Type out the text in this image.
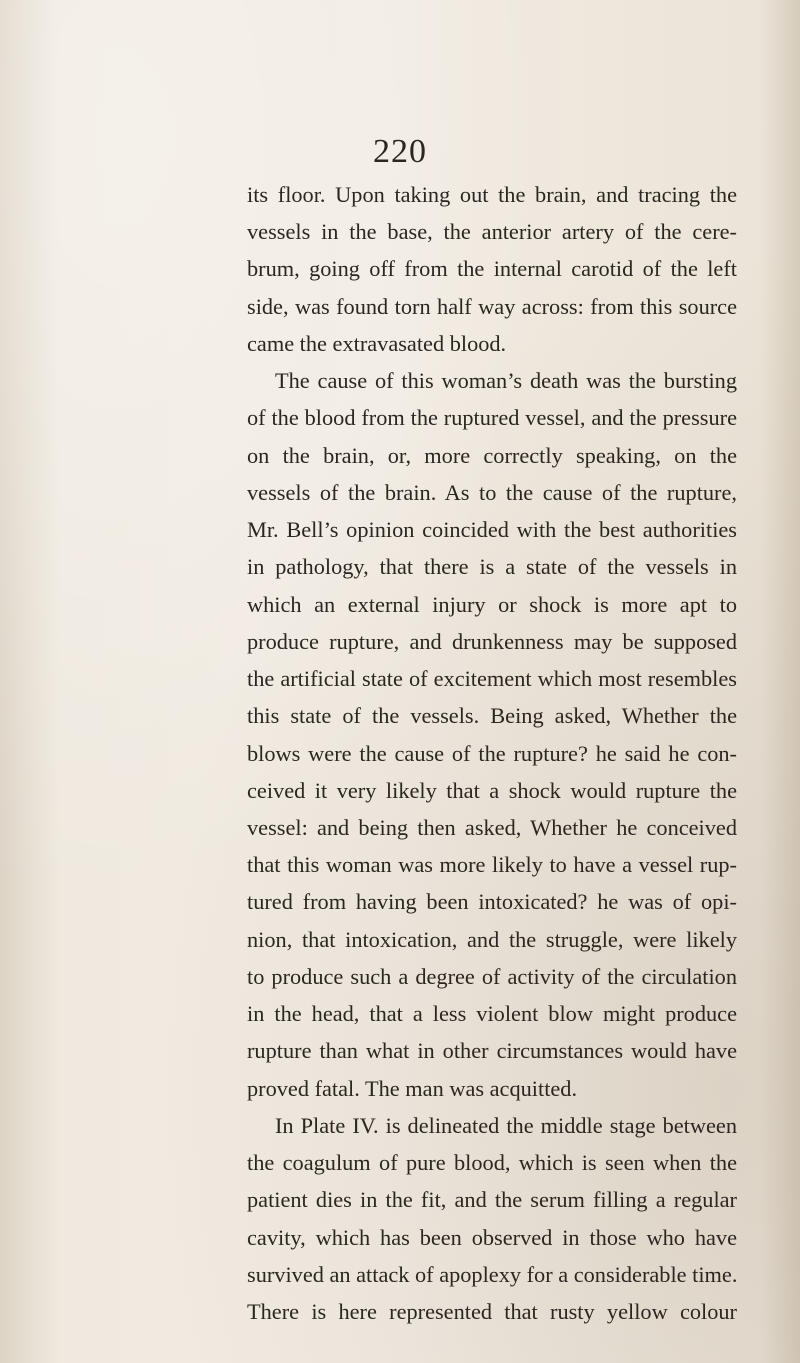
220
its floor. Upon taking out the brain, and tracing the
vessels in the base, the anterior artery of the cere-
brum, going off from the internal carotid of the left
side, was found torn half way across: from this source
came the extravasated blood.
The cause of this woman’s death was the bursting
of the blood from the ruptured vessel, and the pressure
on the brain, or, more correctly speaking, on the
vessels of the brain. As to the cause of the rupture,
Mr. Bell’s opinion coincided with the best authorities
in pathology, that there is a state of the vessels in
which an external injury or shock is more apt to
produce rupture, and drunkenness may be supposed
the artificial state of excitement which most resembles
this state of the vessels. Being asked, Whether the
blows were the cause of the rupture? he said he con-
ceived it very likely that a shock would rupture the
vessel: and being then asked, Whether he conceived
that this woman was more likely to have a vessel rup-
tured from having been intoxicated? he was of opi-
nion, that intoxication, and the struggle, were likely
to produce such a degree of activity of the circulation
in the head, that a less violent blow might produce
rupture than what in other circumstances would have
proved fatal. The man was acquitted.
In Plate IV. is delineated the middle stage between
the coagulum of pure blood, which is seen when the
patient dies in the fit, and the serum filling a regular
cavity, which has been observed in those who have
survived an attack of apoplexy for a considerable time.
There is here represented that rusty yellow colour
